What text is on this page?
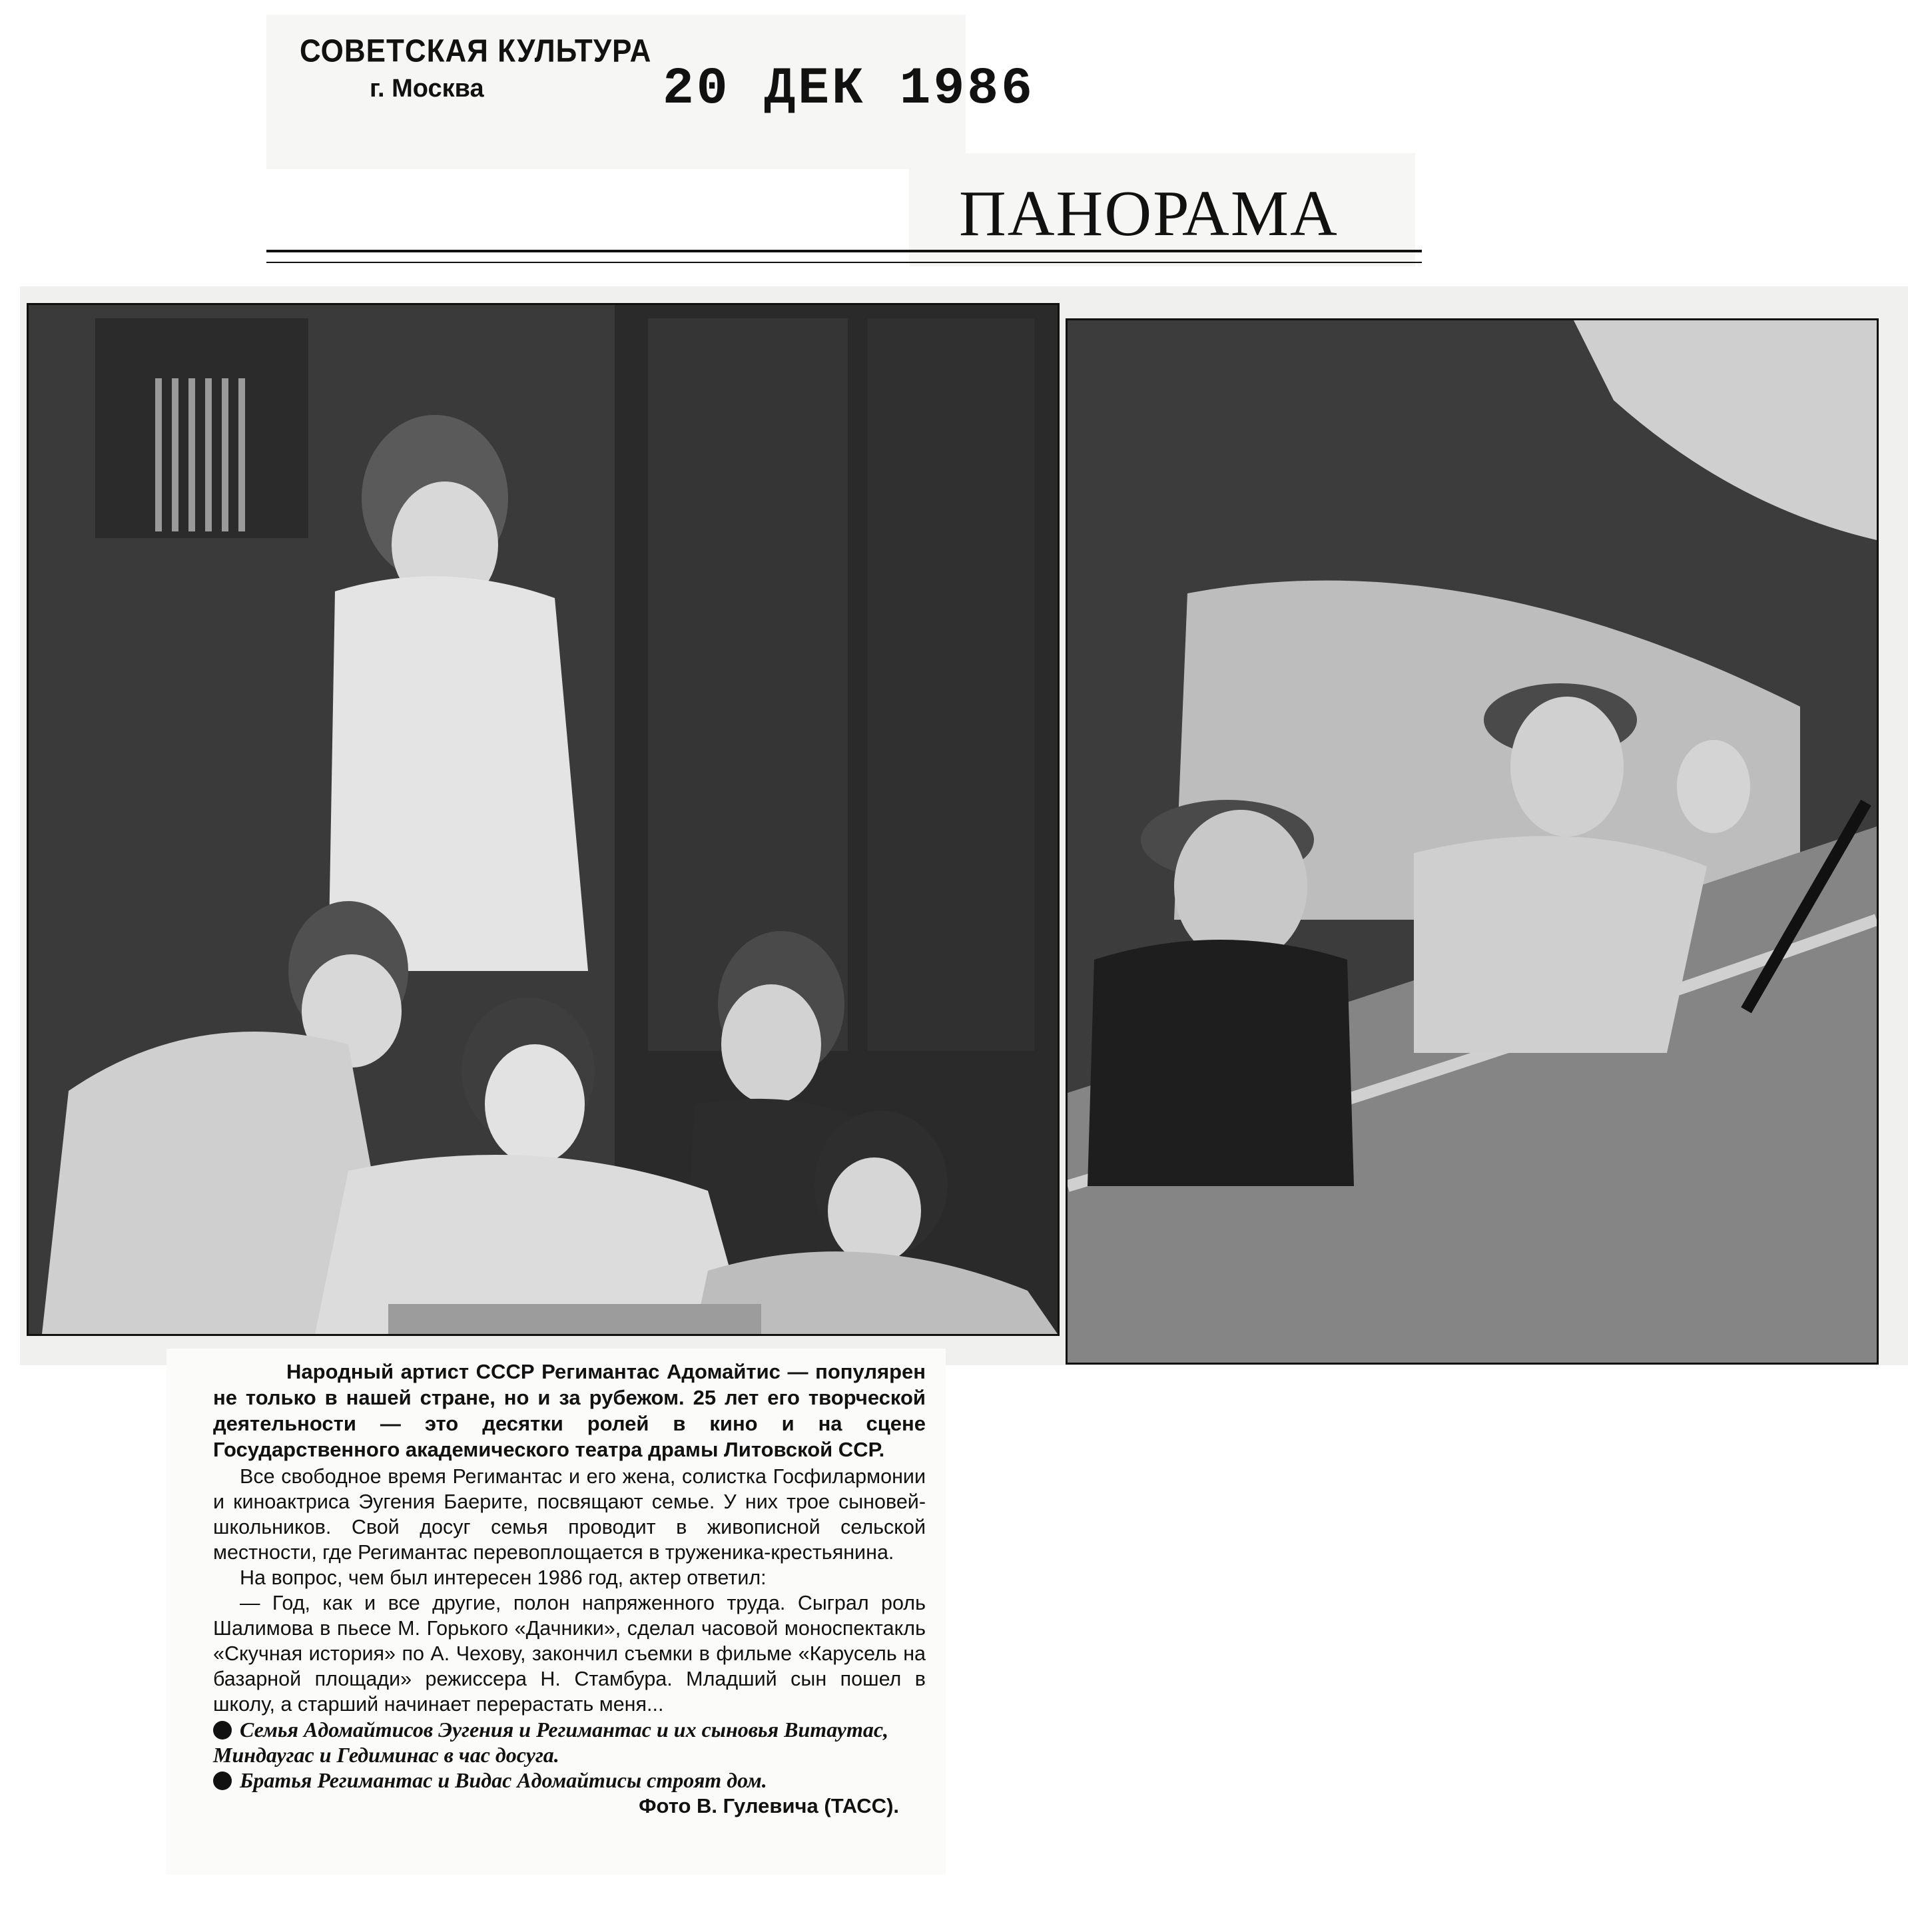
СОВЕТСКАЯ КУЛЬТУРА
г. Москва	20 ДЕК 1986
ПАНОРАМА

Народный артист СССР Регимантас Адомайтис — популярен не только в нашей стране, но и за рубежом. 25 лет его творческой деятельности — это десятки ролей в кино и на сцене Государственного академического театра драмы Литовской ССР.

Все свободное время Регимантас и его жена, солистка Госфилармонии и киноактриса Эугения Баерите, посвящают семье. У них трое сыновей-школьников. Свой досуг семья проводит в живописной сельской местности, где Регимантас перевоплощается в труженика-крестьянина.

На вопрос, чем был интересен 1986 год, актер ответил:

— Год, как и все другие, полон напряженного труда. Сыграл роль Шалимова в пьесе М. Горького «Дачники», сделал часовой моноспектакль «Скучная история» по А. Чехову, закончил съемки в фильме «Карусель на базарной площади» режиссера Н. Стамбура. Младший сын пошел в школу, а старший начинает перерастать меня...

Семья Адомайтисов Эугения и Регимантас и их сыновья Витаутас, Миндаугас и Гедиминас в час досуга.

Братья Регимантас и Видас Адомайтисы строят дом.

Фото В. Гулевича (ТАСС).
